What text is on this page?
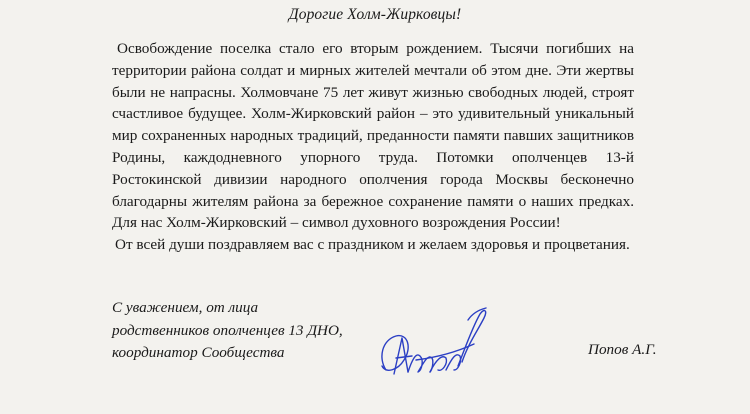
Дорогие Холм-Жирковцы!

Освобождение поселка стало его вторым рождением. Тысячи погибших на территории района солдат и мирных жителей мечтали об этом дне. Эти жертвы были не напрасны. Холмовчане 75 лет живут жизнью свободных людей, строят счастливое будущее. Холм-Жирковский район – это удивительный уникальный мир сохраненных народных традиций, преданности памяти павших защитников Родины, каждодневного упорного труда. Потомки ополченцев 13-й Ростокинской дивизии народного ополчения города Москвы бесконечно благодарны жителям района за бережное сохранение памяти о наших предках. Для нас Холм-Жирковский – символ духовного возрождения России!

От всей души поздравляем вас с праздником и желаем здоровья и процветания.

С уважением, от лица
родственников ополченцев 13 ДНО,
координатор Сообщества	Попов А.Г.
